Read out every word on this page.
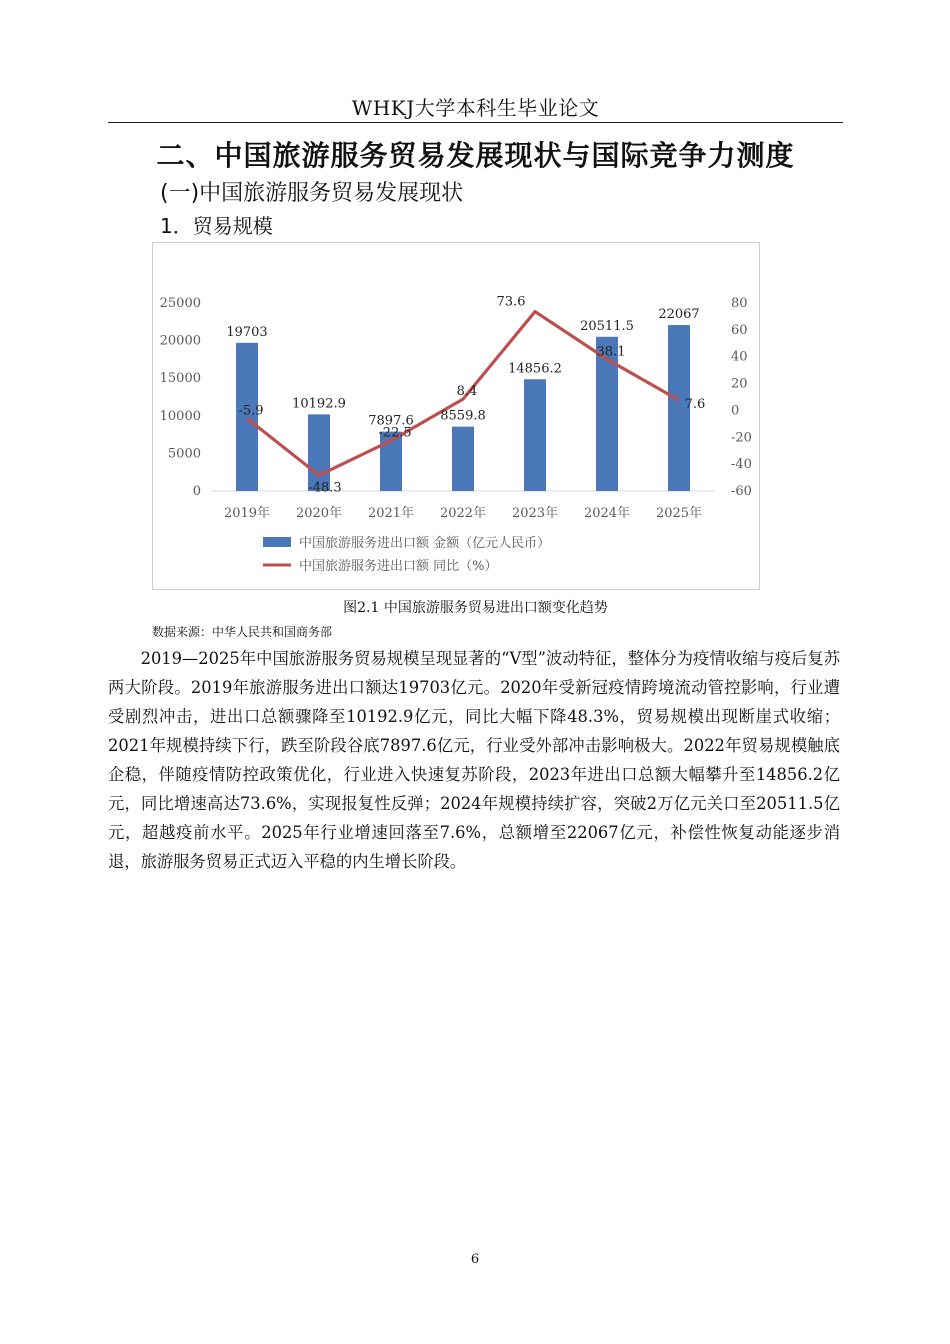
WHKJ大学本科生毕业论文
二、中国旅游服务贸易发展现状与国际竞争力测度
(一)中国旅游服务贸易发展现状
1．贸易规模
0
5000
10000
15000
20000
25000
-60
-40
-20
0
20
40
60
80
2019年 2020年 2021年 2022年 2023年 2024年 2025年
19703
10192.9
7897.6 8559.8
14856.2
20511.5
22067
-5.9
-48.3
-22.5
8.4
73.6
38.1
7.6
中国旅游服务进出口额 金额（亿元人民币）
中国旅游服务进出口额 同比（%）
图2.1 中国旅游服务贸易进出口额变化趋势
数据来源：中华人民共和国商务部

2019—2025年中国旅游服务贸易规模呈现显著的“V型”波动特征，整体分为疫情收缩与疫后复苏两大阶段。2019年旅游服务进出口额达19703亿元。2020年受新冠疫情跨境流动管控影响，行业遭受剧烈冲击，进出口总额骤降至10192.9亿元，同比大幅下降48.3%，贸易规模出现断崖式收缩；2021年规模持续下行，跌至阶段谷底7897.6亿元，行业受外部冲击影响极大。2022年贸易规模触底企稳，伴随疫情防控政策优化，行业进入快速复苏阶段，2023年进出口总额大幅攀升至14856.2亿元，同比增速高达73.6%，实现报复性反弹；2024年规模持续扩容，突破2万亿元关口至20511.5亿元，超越疫前水平。2025年行业增速回落至7.6%，总额增至22067亿元，补偿性恢复动能逐步消退，旅游服务贸易正式迈入平稳的内生增长阶段。

6
